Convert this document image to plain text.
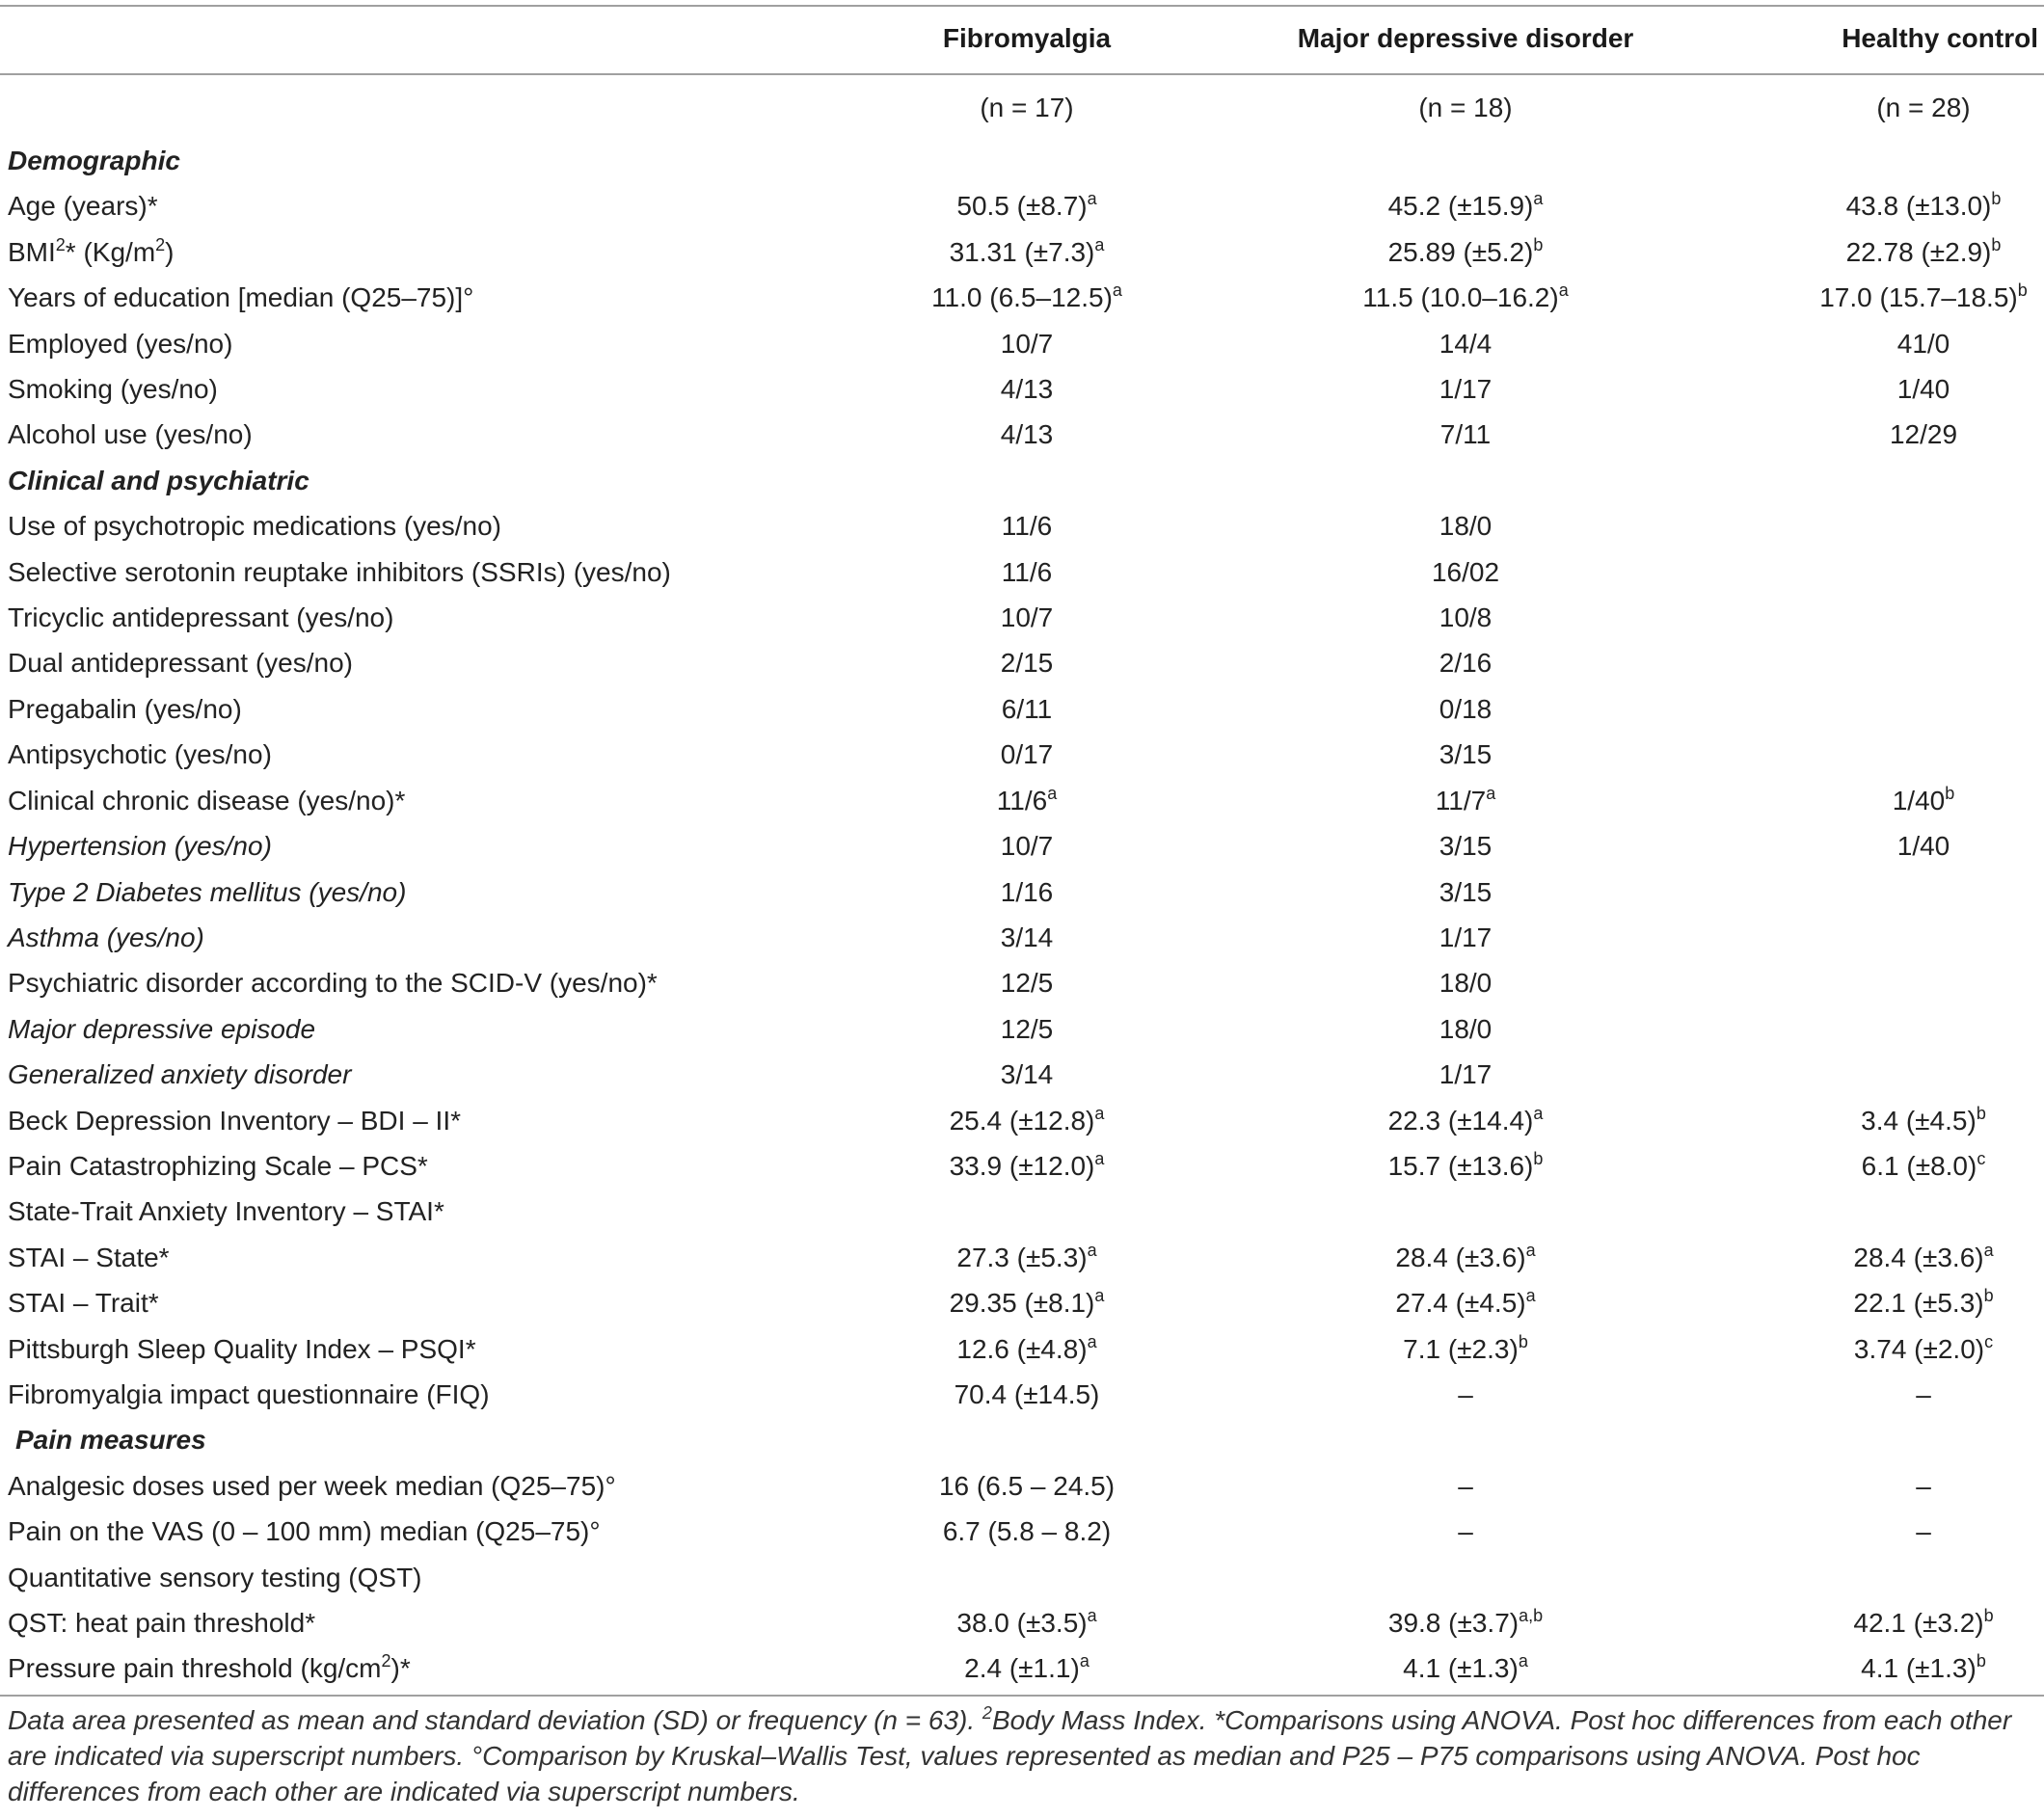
	Fibromyalgia	Major depressive disorder	Healthy control
	(n = 17)	(n = 18)	(n = 28)
Demographic			
Age (years)*	50.5 $(\pm 8.7)^a$	45.2 $(\pm 15.9)^a$	43.8 $(\pm 13.0)^b$
BMI$^2$* $(Kg/m^2)$	31.31 $(\pm 7.3)^a$	25.89 $(\pm 5.2)^b$	22.78 $(\pm 2.9)^b$
Years of education [median (Q25–75)]°	11.0 $(6.5-12.5)^a$	11.5 $(10.0-16.2)^a$	17.0 $(15.7-18.5)^b$
Employed (yes/no)	10/7	14/4	41/0
Smoking (yes/no)	4/13	1/17	1/40
Alcohol use (yes/no)	4/13	7/11	12/29
Clinical and psychiatric			
Use of psychotropic medications (yes/no)	11/6	18/0	
Selective serotonin reuptake inhibitors (SSRIs) (yes/no)	11/6	16/02	
Tricyclic antidepressant (yes/no)	10/7	10/8	
Dual antidepressant (yes/no)	2/15	2/16	
Pregabalin (yes/no)	6/11	0/18	
Antipsychotic (yes/no)	0/17	3/15	
Clinical chronic disease (yes/no)*	11/6$^a$	11/7$^a$	1/40$^b$
Hypertension (yes/no)	10/7	3/15	1/40
Type 2 Diabetes mellitus (yes/no)	1/16	3/15	
Asthma (yes/no)	3/14	1/17	
Psychiatric disorder according to the SCID-V (yes/no)*	12/5	18/0	
Major depressive episode	12/5	18/0	
Generalized anxiety disorder	3/14	1/17	
Beck Depression Inventory – BDI – II*	25.4 $(\pm 12.8)^a$	22.3 $(\pm 14.4)^a$	3.4 $(\pm 4.5)^b$
Pain Catastrophizing Scale – PCS*	33.9 $(\pm 12.0)^a$	15.7 $(\pm 13.6)^b$	6.1 $(\pm 8.0)^c$
State-Trait Anxiety Inventory – STAI*			
STAI – State*	27.3 $(\pm 5.3)^a$	28.4 $(\pm 3.6)^a$	28.4 $(\pm 3.6)^a$
STAI – Trait*	29.35 $(\pm 8.1)^a$	27.4 $(\pm 4.5)^a$	22.1 $(\pm 5.3)^b$
Pittsburgh Sleep Quality Index – PSQI*	12.6 $(\pm 4.8)^a$	7.1 $(\pm 2.3)^b$	3.74 $(\pm 2.0)^c$
Fibromyalgia impact questionnaire (FIQ)	70.4 (±14.5)	–	–
Pain measures			
Analgesic doses used per week median (Q25–75)°	16 (6.5 – 24.5)	–	–
Pain on the VAS (0 – 100 mm) median (Q25–75)°	6.7 (5.8 – 8.2)	–	–
Quantitative sensory testing (QST)			
QST: heat pain threshold*	38.0 $(\pm 3.5)^a$	39.8 $(\pm 3.7)^{a,b}$	42.1 $(\pm 3.2)^b$
Pressure pain threshold $(kg/cm^2)*$	2.4 $(\pm 1.1)^a$	4.1 $(\pm 1.3)^a$	4.1 $(\pm 1.3)^b$
Data area presented as mean and standard deviation (SD) or frequency (n = 63). $^2$Body Mass Index. *Comparisons using ANOVA. Post hoc differences from each other are indicated via superscript numbers. °Comparison by Kruskal–Wallis Test, values represented as median and P25 – P75 comparisons using ANOVA. Post hoc differences from each other are indicated via superscript numbers.
